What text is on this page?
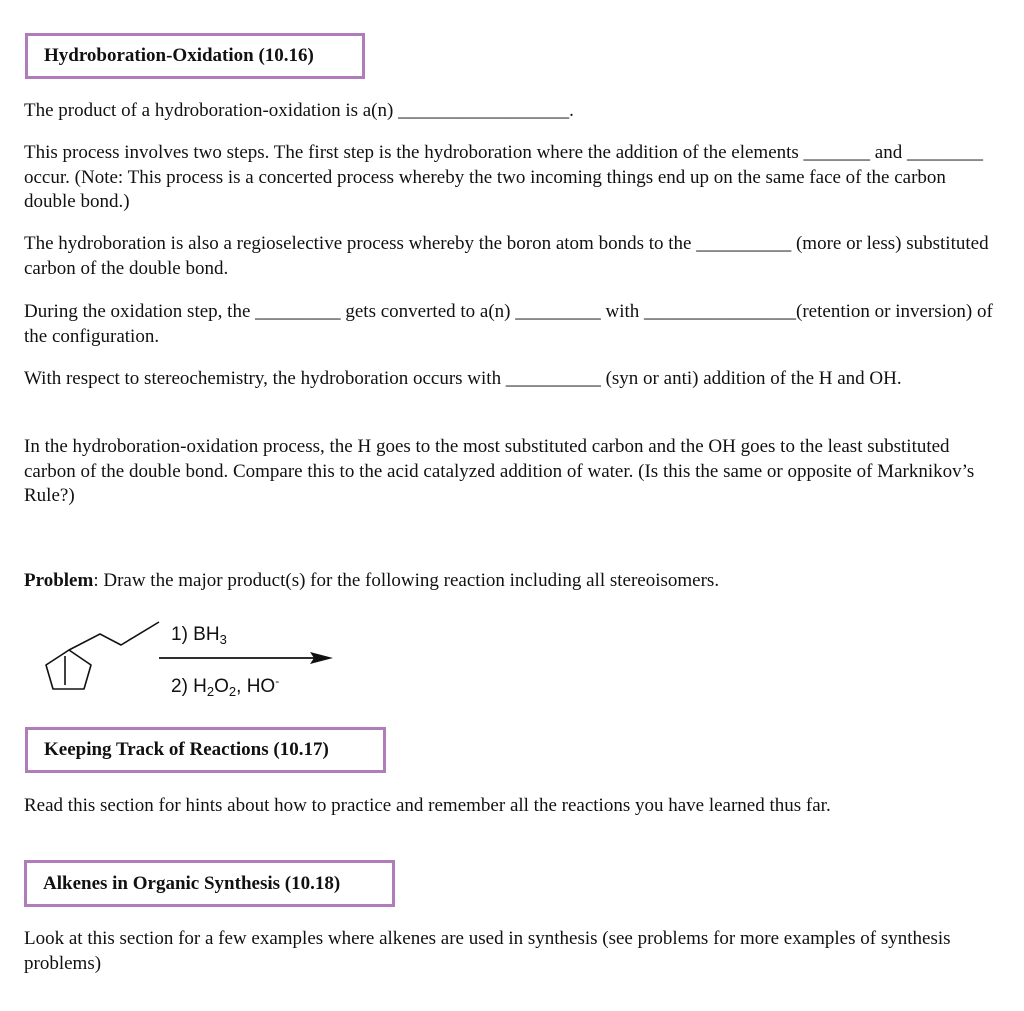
Hydroboration-Oxidation (10.16)

The product of a hydroboration-oxidation is a(n) __________________.

This process involves two steps. The first step is the hydroboration where the addition of the elements _______ and ________ occur. (Note: This process is a concerted process whereby the two incoming things end up on the same face of the carbon double bond.)

The hydroboration is also a regioselective process whereby the boron atom bonds to the __________ (more or less) substituted carbon of the double bond.

During the oxidation step, the _________ gets converted to a(n) _________ with ________________(retention or inversion) of the configuration.

With respect to stereochemistry, the hydroboration occurs with __________ (syn or anti) addition of the H and OH.

In the hydroboration-oxidation process, the H goes to the most substituted carbon and the OH goes to the least substituted carbon of the double bond. Compare this to the acid catalyzed addition of water. (Is this the same or opposite of Marknikov’s Rule?)

Problem: Draw the major product(s) for the following reaction including all stereoisomers.

1) $BH_3$
2) $H_2O_2$, HO-
Keeping Track of Reactions (10.17)

Read this section for hints about how to practice and remember all the reactions you have learned thus far.

Alkenes in Organic Synthesis (10.18)

Look at this section for a few examples where alkenes are used in synthesis (see problems for more examples of synthesis problems)
